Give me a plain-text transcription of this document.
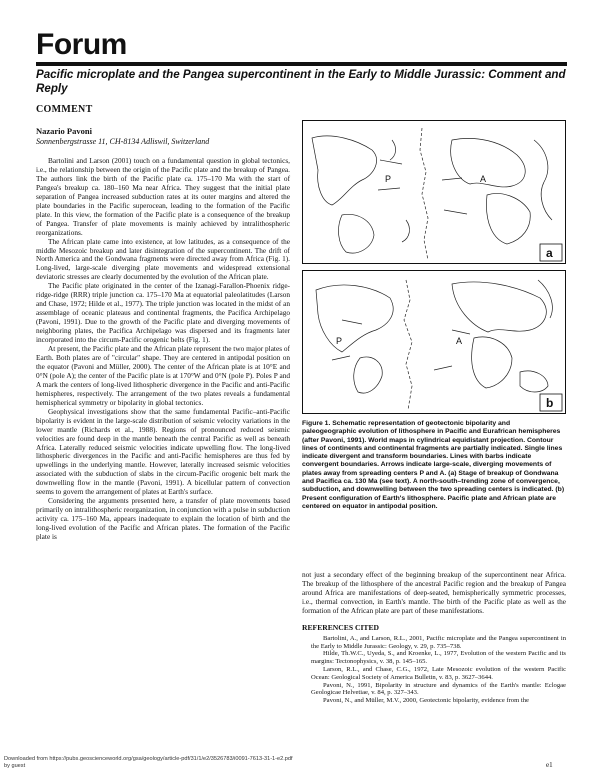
Forum
Pacific microplate and the Pangea supercontinent in the Early to Middle Jurassic: Comment and Reply
COMMENT
Nazario Pavoni
Sonnenbergstrasse 11, CH-8134 Adliswil, Switzerland

Bartolini and Larson (2001) touch on a fundamental question in global tectonics, i.e., the relationship between the origin of the Pacific plate and the breakup of Pangea. The authors link the birth of the Pacific plate ca. 175–170 Ma with the start of Pangea's breakup ca. 180–160 Ma near Africa. They suggest that the initial plate separation of Pangea increased subduction rates at its outer margins and altered the plate boundaries in the Pacific superocean, leading to the formation of the Pacific plate. In this view, the formation of the Pacific plate is a consequence of the breakup of Pangea. Transfer of plate movements is mainly achieved by intralithospheric reorganizations.

The African plate came into existence, at low latitudes, as a consequence of the middle Mesozoic breakup and later disintegration of the supercontinent. The drift of North America and the Gondwana fragments were directed away from Africa (Fig. 1). Long-lived, large-scale diverging plate movements and widespread extensional deviatoric stresses are clearly documented by the evolution of the African plate.

The Pacific plate originated in the center of the Izanagi-Farallon-Phoenix ridge-ridge-ridge (RRR) triple junction ca. 175–170 Ma at equatorial paleolatitudes (Larson and Chase, 1972; Hilde et al., 1977). The triple junction was located in the midst of an assemblage of oceanic plateaus and continental fragments, the Pacifica Archipelago (Pavoni, 1991). Due to the growth of the Pacific plate and diverging movements of neighboring plates, the Pacifica Archipelago was dispersed and its fragments later incorporated into the circum-Pacific orogenic belts (Fig. 1).

At present, the Pacific plate and the African plate represent the two major plates of Earth. Both plates are of "circular" shape. They are centered in antipodal position on the equator (Pavoni and Müller, 2000). The center of the African plate is at 10°E and 0°N (pole A); the center of the Pacific plate is at 170°W and 0°N (pole P). Poles P and A mark the centers of long-lived lithospheric divergence in the Pacific and anti-Pacific hemispheres, respectively. The arrangement of the two plates reveals a fundamental hemispherical symmetry or bipolarity in global tectonics.

Geophysical investigations show that the same fundamental Pacific–anti-Pacific bipolarity is evident in the large-scale distribution of seismic velocity variations in the lower mantle (Richards et al., 1988). Regions of pronounced reduced seismic velocities are found deep in the mantle beneath the central Pacific as well as beneath Africa. Laterally reduced seismic velocities indicate upwelling flow. The long-lived lithospheric divergences in the Pacific and anti-Pacific hemispheres are thus fed by upwellings in the underlying mantle. However, laterally increased seismic velocities associated with the subduction of slabs in the circum-Pacific orogenic belt mark the downwelling flow in the mantle (Pavoni, 1991). A bicellular pattern of convection seems to govern the arrangement of plates at Earth's surface.

Considering the arguments presented here, a transfer of plate movements based primarily on intralithospheric reorganization, in conjunction with a pulse in subduction activity ca. 175–160 Ma, appears inadequate to explain the location of birth and the long-lived evolution of the Pacific and African plates. The formation of the Pacific plate is

P	A
a
P	A
b
Figure 1. Schematic representation of geotectonic bipolarity and paleogeographic evolution of lithosphere in Pacific and Eurafrican hemispheres (after Pavoni, 1991). World maps in cylindrical equidistant projection. Contour lines of continents and continental fragments are partially indicated. Single lines indicate divergent and transform boundaries. Lines with barbs indicate convergent boundaries. Arrows indicate large-scale, diverging movements of plates away from spreading centers P and A. (a) Stage of breakup of Gondwana and Pacifica ca. 130 Ma (see text). A north-south–trending zone of convergence, subduction, and downwelling between the two spreading centers is indicated. (b) Present configuration of Earth's lithosphere. Pacific plate and African plate are centered on equator in antipodal position.

not just a secondary effect of the beginning breakup of the supercontinent near Africa. The breakup of the lithosphere of the ancestral Pacific region and the breakup of Pangea around Africa are manifestations of deep-seated, hemispherically symmetric processes, i.e., thermal convection, in Earth's mantle. The birth of the Pacific plate as well as the formation of the African plate are part of these manifestations.

REFERENCES CITED

Bartolini, A., and Larson, R.L., 2001, Pacific microplate and the Pangea supercontinent in the Early to Middle Jurassic: Geology, v. 29, p. 735–738.

Hilde, Th.W.C., Uyeda, S., and Kroenke, L., 1977, Evolution of the western Pacific and its margins: Tectonophysics, v. 38, p. 145–165.

Larson, R.L., and Chase, C.G., 1972, Late Mesozoic evolution of the western Pacific Ocean: Geological Society of America Bulletin, v. 83, p. 3627–3644.

Pavoni, N., 1991, Bipolarity in structure and dynamics of the Earth's mantle: Eclogae Geologicae Helvetiae, v. 84, p. 327–343.

Pavoni, N., and Müller, M.V., 2000, Geotectonic bipolarity, evidence from the

e1
Downloaded from https://pubs.geoscienceworld.org/gsa/geology/article-pdf/31/1/e2/3526783/i0091-7613-31-1-e2.pdf
by guest
